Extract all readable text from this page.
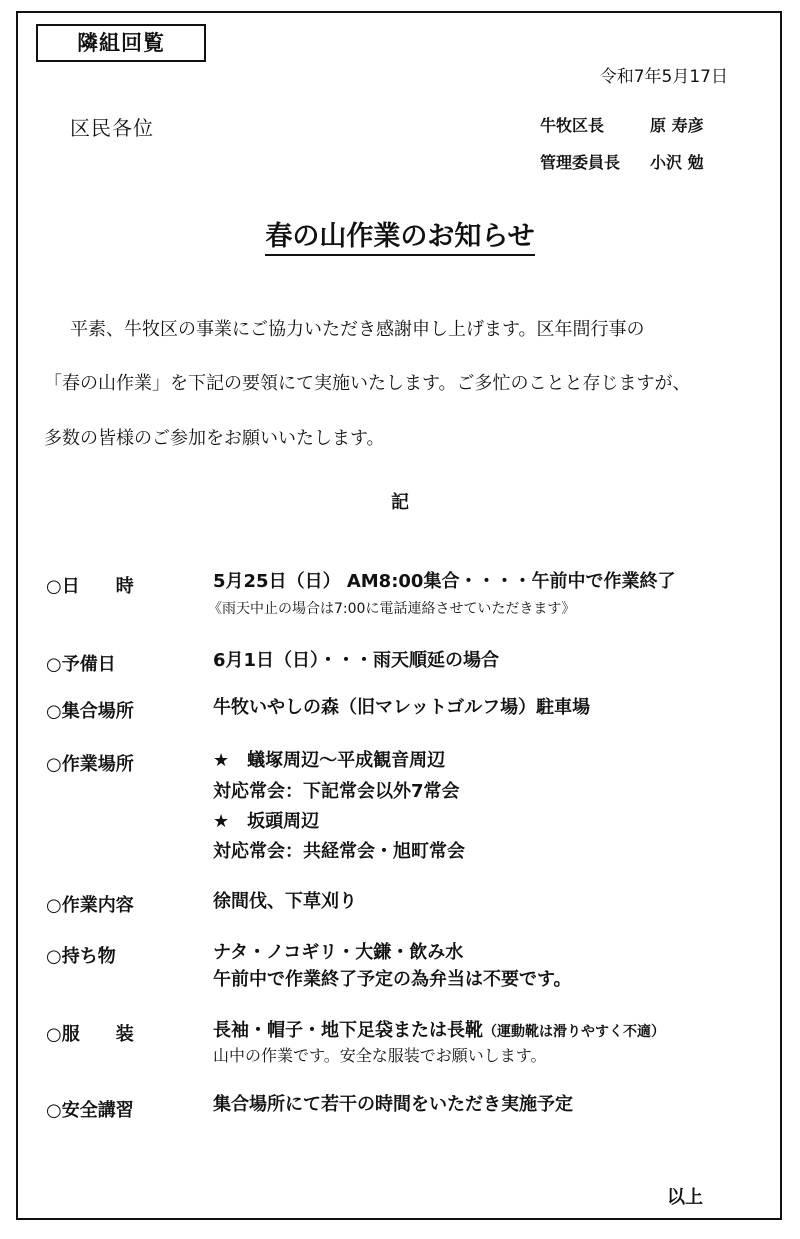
隣組回覧
令和7年5月17日
区民各位	牛牧区長	原 寿彦
管理委員長 小沢 勉
春の山作業のお知らせ
平素、牛牧区の事業にご協力いただき感謝申し上げます。区年間行事の
「春の山作業」を下記の要領にて実施いたします。ご多忙のことと存じますが、
多数の皆様のご参加をお願いいたします。
記
○日　　時	5月25日（日） AM8:00集合・・・・午前中で作業終了
《雨天中止の場合は7:00に電話連絡させていただきます》
○予備日	6月1日（日）・・・雨天順延の場合
○集合場所	牛牧いやしの森（旧マレットゴルフ場）駐車場
○作業場所	★　蟻塚周辺～平成観音周辺
対応常会：下記常会以外7常会
★　坂頭周辺
対応常会：共経常会・旭町常会
○作業内容	徐間伐、下草刈り
○持ち物	ナタ・ノコギリ・大鎌・飲み水
午前中で作業終了予定の為弁当は不要です。
○服　　装	長袖・帽子・地下足袋または長靴（運動靴は滑りやすく不適）
山中の作業です。安全な服装でお願いします。
○安全講習	集合場所にて若干の時間をいただき実施予定
以上
